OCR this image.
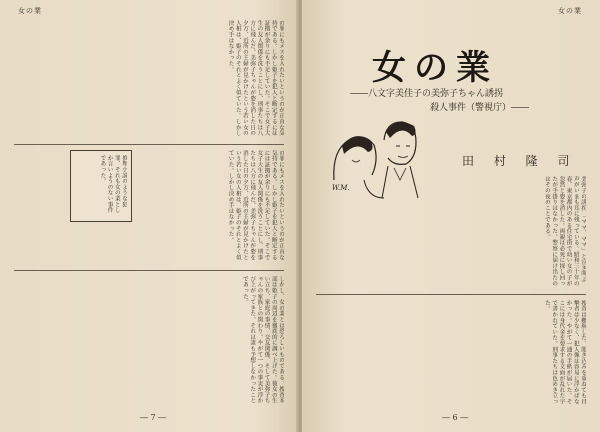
女の業
の罪にもメスを入れたいというのが正直な気持である。しかし姫子を犯人と断定するには証拠が余りにも不足していた。そこで女子大生の友人関係を洗うことにし、刑事たちは八方に飛んだ。美弥子ちゃんが姿を消した日の夕方、近所の主婦が見かけたという若い女の人相は、姫子のそれとよく似ていた。しかし決め手はなかった。
の罪にもメスを入れたいというのが正直な気持である。しかし姫子を犯人と断定するには証拠が余りにも不足していた。そこで女子大生の友人関係を洗うことにし、刑事たちは八方に飛んだ。美弥子ちゃんが姿を消した日の夕方、近所の主婦が見かけたという若い女の人相は、姫子のそれとよく似ていた。しかし決め手はなかった。
推理小説のような犯罪、それも女の業としか言いようのない事件であった。
しかし、女の業とは恐ろしいものである。捜査本部は姫子の周辺を徹底的に調べ上げた。彼女の生い立ち、家庭の事情、交友関係、そして美弥子ちゃんの家族との関わり。やがて一つの事実が浮かび上がってきた。それは誰も予想しなかったことであった。
― 7 ―
女の業
女の業
――八文字美佳子の美弥子ちゃん誘拐
殺人事件（警視庁）――
W.M.
田 村 隆 司
美弥子の誘拐 「ママ、ママ」と泣き叫ぶ声がいまも耳に残っている。昭和三十年の春、東京都内のある住宅街で幼い女の子が忽然と姿を消した。両親は必死に探し回ったが手掛りはなかった。警察に届け出たのはその夜のことである。
捜査は難航した。聞き込みを重ねても目撃者は少なく、犯人像は容易に浮かばなかった。やがて一通の手紙が届いた。そこには身代金を要求する文面が乱れた字で書かれていた。刑事たちは色めき立った。
― 6 ―
